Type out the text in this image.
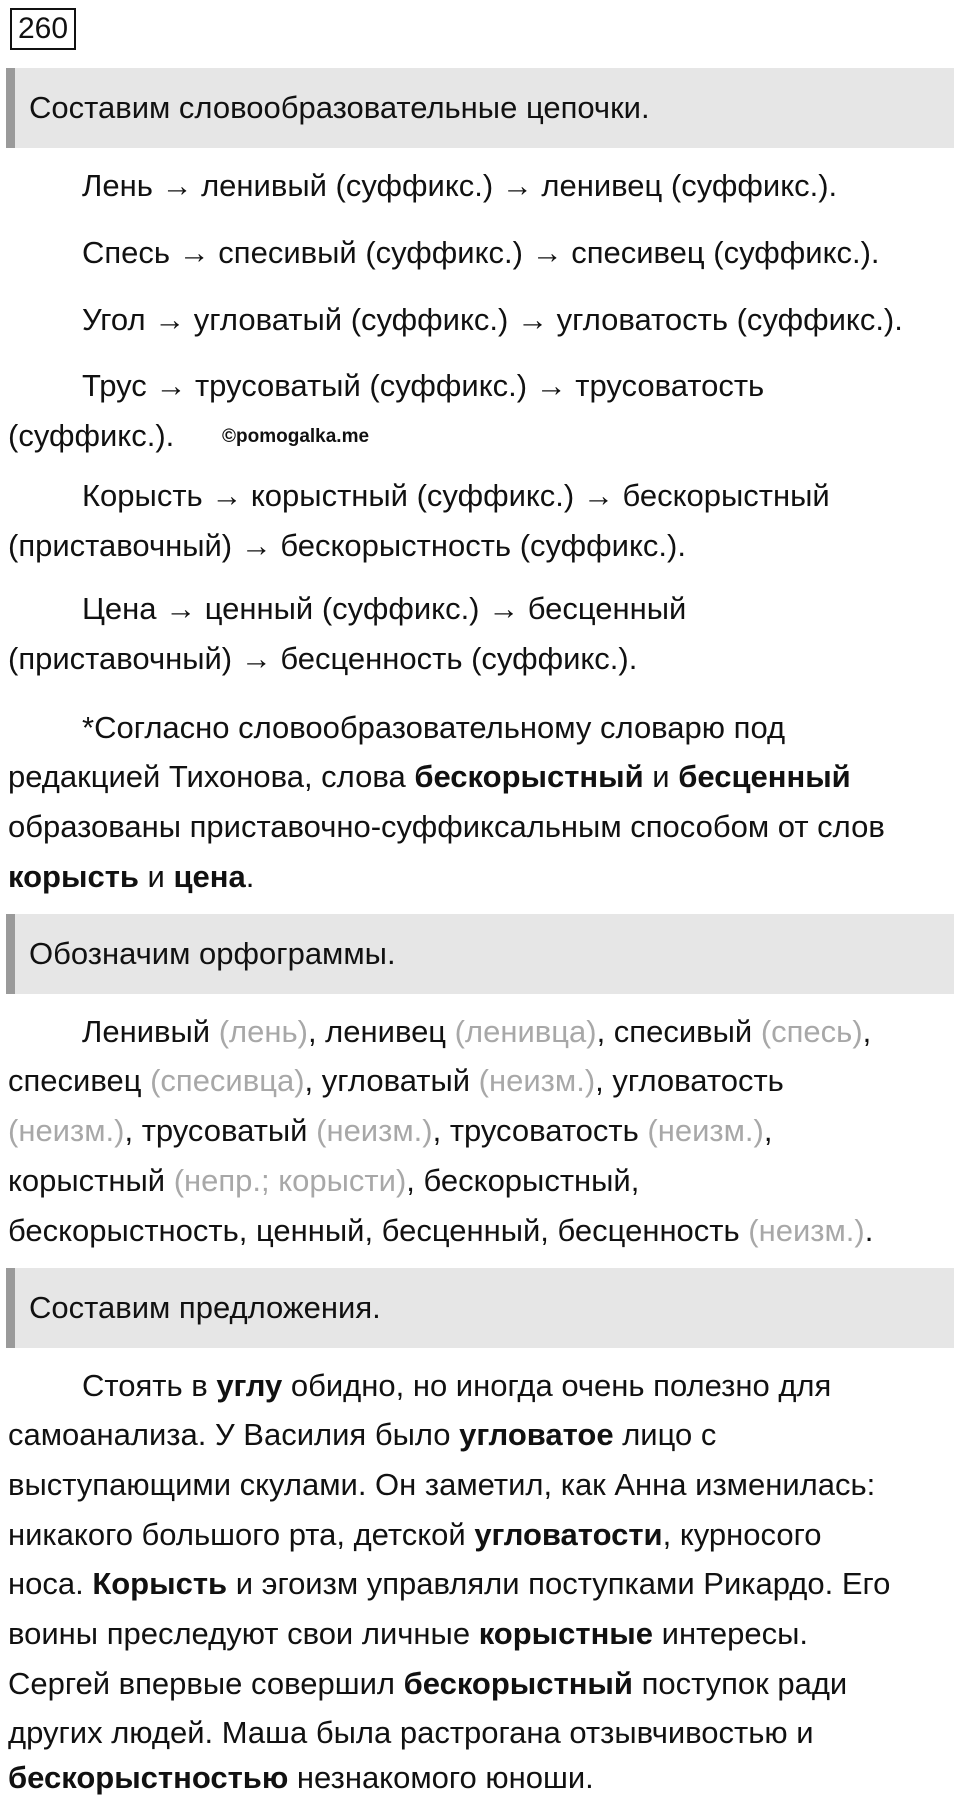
260
Составим словообразовательные цепочки.
Лень → ленивый (суффикс.) → ленивец (суффикс.).
Спесь → спесивый (суффикс.) → спесивец (суффикс.).
Угол → угловатый (суффикс.) → угловатость (суффикс.).
Трус → трусоватый (суффикс.) → трусоватость
(суффикс.).	©pomogalka.me
Корысть → корыстный (суффикс.) → бескорыстный
(приставочный) → бескорыстность (суффикс.).
Цена → ценный (суффикс.) → бесценный
(приставочный) → бесценность (суффикс.).
*Согласно словообразовательному словарю под
редакцией Тихонова, слова бескорыстный и бесценный
образованы приставочно-суффиксальным способом от слов
корысть и цена.
Обозначим орфограммы.
Ленивый (лень), ленивец (ленивца), спесивый (спесь),
спесивец (спесивца), угловатый (неизм.), угловатость
(неизм.), трусоватый (неизм.), трусоватость (неизм.),
корыстный (непр.; корысти), бескорыстный,
бескорыстность, ценный, бесценный, бесценность (неизм.).
Составим предложения.
Стоять в углу обидно, но иногда очень полезно для
самоанализа. У Василия было угловатое лицо с
выступающими скулами. Он заметил, как Анна изменилась:
никакого большого рта, детской угловатости, курносого
носа. Корысть и эгоизм управляли поступками Рикардо. Его
воины преследуют свои личные корыстные интересы.
Сергей впервые совершил бескорыстный поступок ради
других людей. Маша была растрогана отзывчивостью и
бескорыстностью незнакомого юноши.
